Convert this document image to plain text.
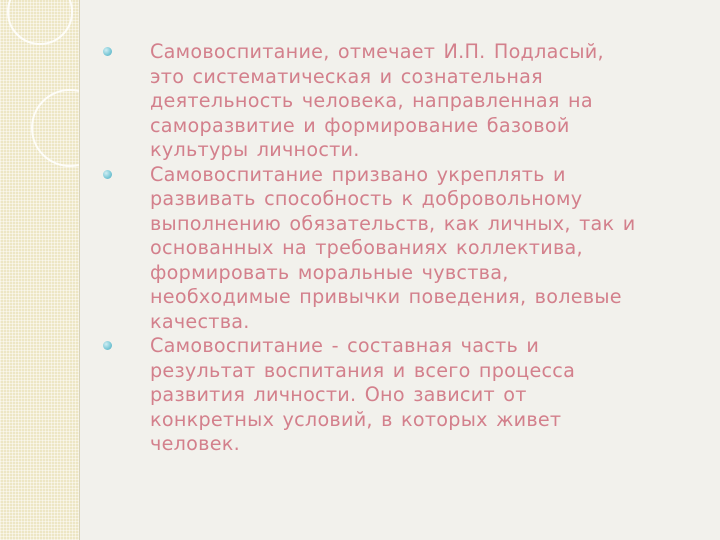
Самовоспитание, отмечает И.П. Подласый,
это систематическая и сознательная
деятельность человека, направленная на
саморазвитие и формирование базовой
культуры личности.
Самовоспитание призвано укреплять и
развивать способность к добровольному
выполнению обязательств, как личных, так и
основанных на требованиях коллектива,
формировать моральные чувства,
необходимые привычки поведения, волевые
качества.
Самовоспитание - составная часть и
результат воспитания и всего процесса
развития личности. Оно зависит от
конкретных условий, в которых живет
человек.
